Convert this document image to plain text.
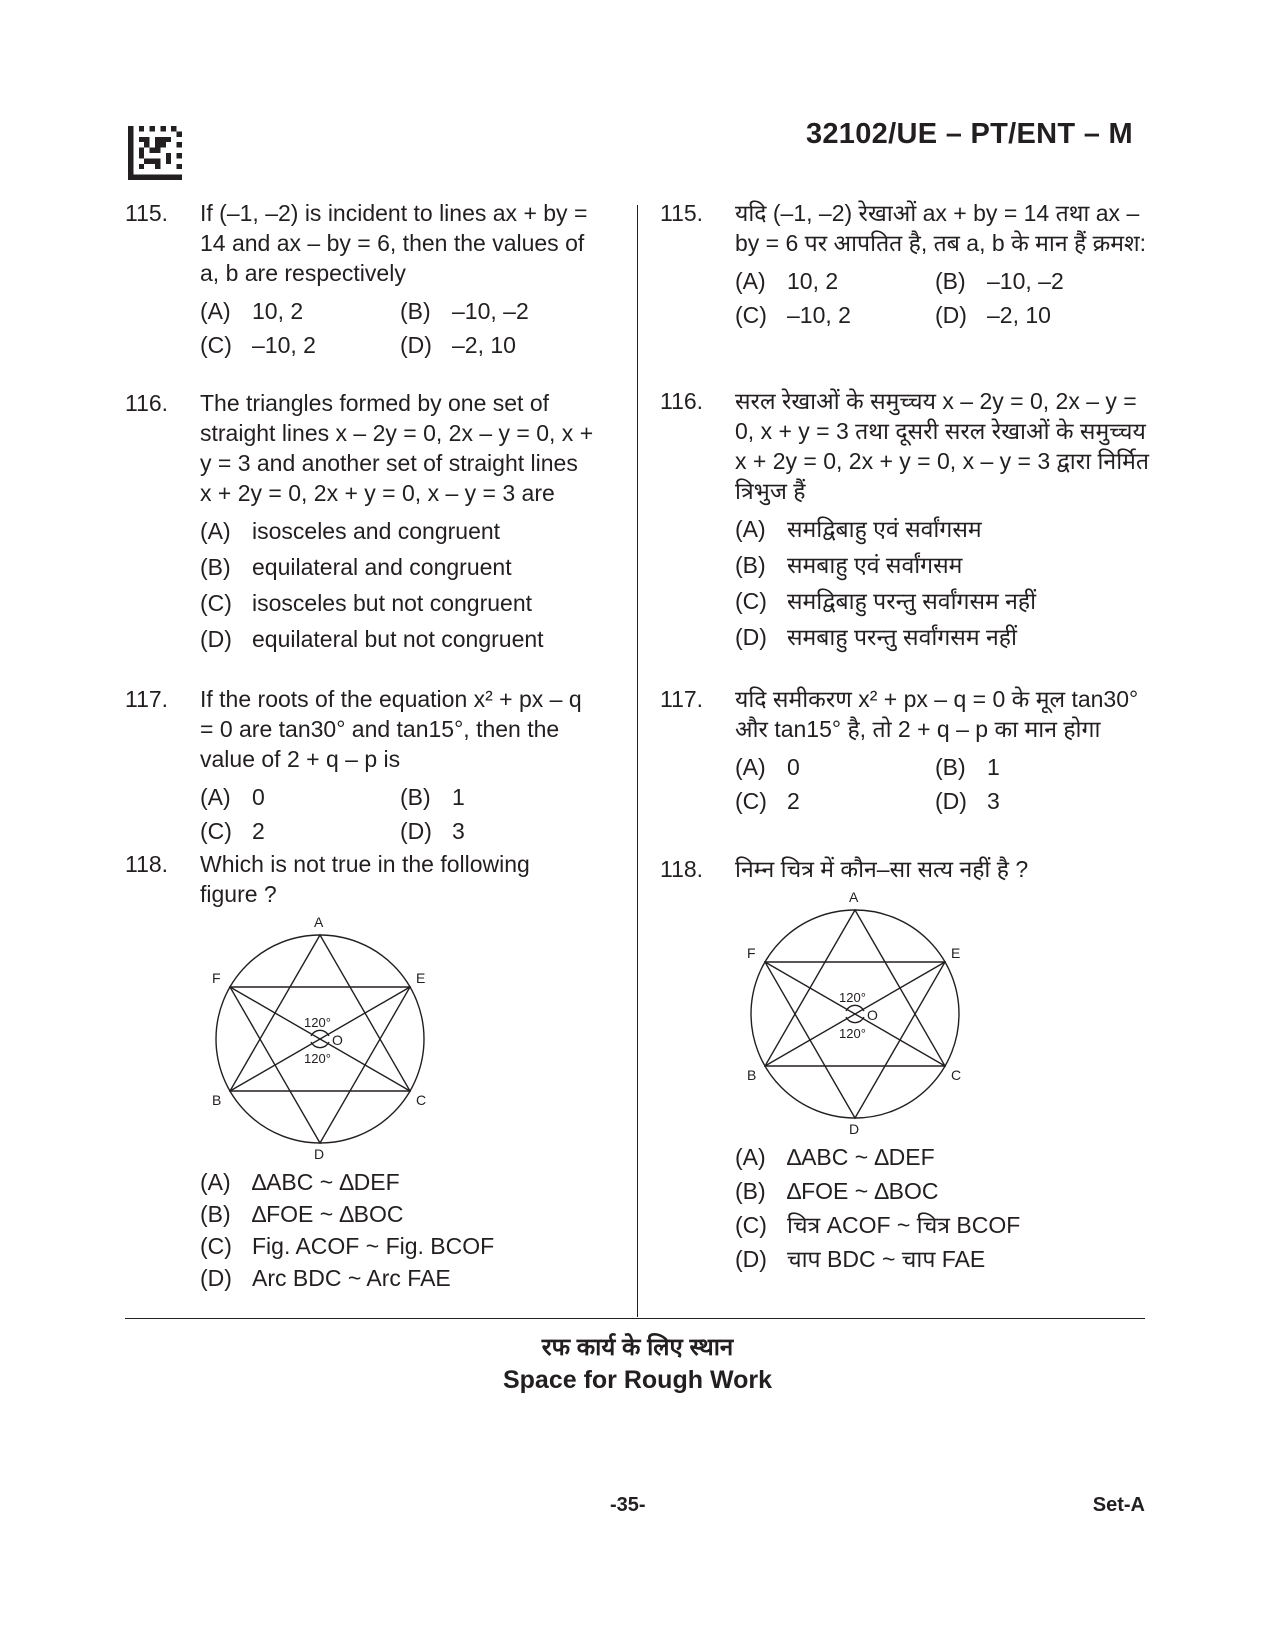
32102/UE – PT/ENT – M
115. If (–1, –2) is incident to lines ax + by = 14 and ax – by = 6, then the values of a, b are respectively
(A) 10, 2	(B) –10, –2
(C) –10, 2	(D) –2, 10
116. The triangles formed by one set of straight lines x – 2y = 0, 2x – y = 0, x + y = 3 and another set of straight lines x + 2y = 0, 2x + y = 0, x – y = 3 are
(A) isosceles and congruent
(B) equilateral and congruent
(C) isosceles but not congruent
(D) equilateral but not congruent
117. If the roots of the equation x² + px – q = 0 are tan30° and tan15°, then the value of 2 + q – p is
(A) 0	(B) 1
(C) 2	(D) 3
118. Which is not true in the following figure ?
A
F	E
B	C
D
O
120°
120°
(A) ∆ABC ~ ∆DEF
(B) ∆FOE ~ ∆BOC
(C) Fig. ACOF ~ Fig. BCOF
(D) Arc BDC ~ Arc FAE
115. यदि (–1, –2) रेखाओं ax + by = 14 तथा ax – by = 6 पर आपतित है, तब a, b के मान हैं क्रमश:
(A) 10, 2	(B) –10, –2
(C) –10, 2	(D) –2, 10
116. सरल रेखाओं के समुच्चय x – 2y = 0, 2x – y = 0, x + y = 3 तथा दूसरी सरल रेखाओं के समुच्चय x + 2y = 0, 2x + y = 0, x – y = 3 द्वारा निर्मित त्रिभुज हैं
(A) समद्विबाहु एवं सर्वांगसम
(B) समबाहु एवं सर्वांगसम
(C) समद्विबाहु परन्तु सर्वांगसम नहीं
(D) समबाहु परन्तु सर्वांगसम नहीं
117. यदि समीकरण x² + px – q = 0 के मूल tan30° और tan15° है, तो 2 + q – p का मान होगा
(A) 0	(B) 1
(C) 2	(D) 3
118. निम्न चित्र में कौन–सा सत्य नहीं है ?
A
F	E
B	C
D
O
120°
120°
(A) ∆ABC ~ ∆DEF
(B) ∆FOE ~ ∆BOC
(C) चित्र ACOF ~ चित्र BCOF
(D) चाप BDC ~ चाप FAE
रफ कार्य के लिए स्थान
Space for Rough Work
-35-	Set-A
